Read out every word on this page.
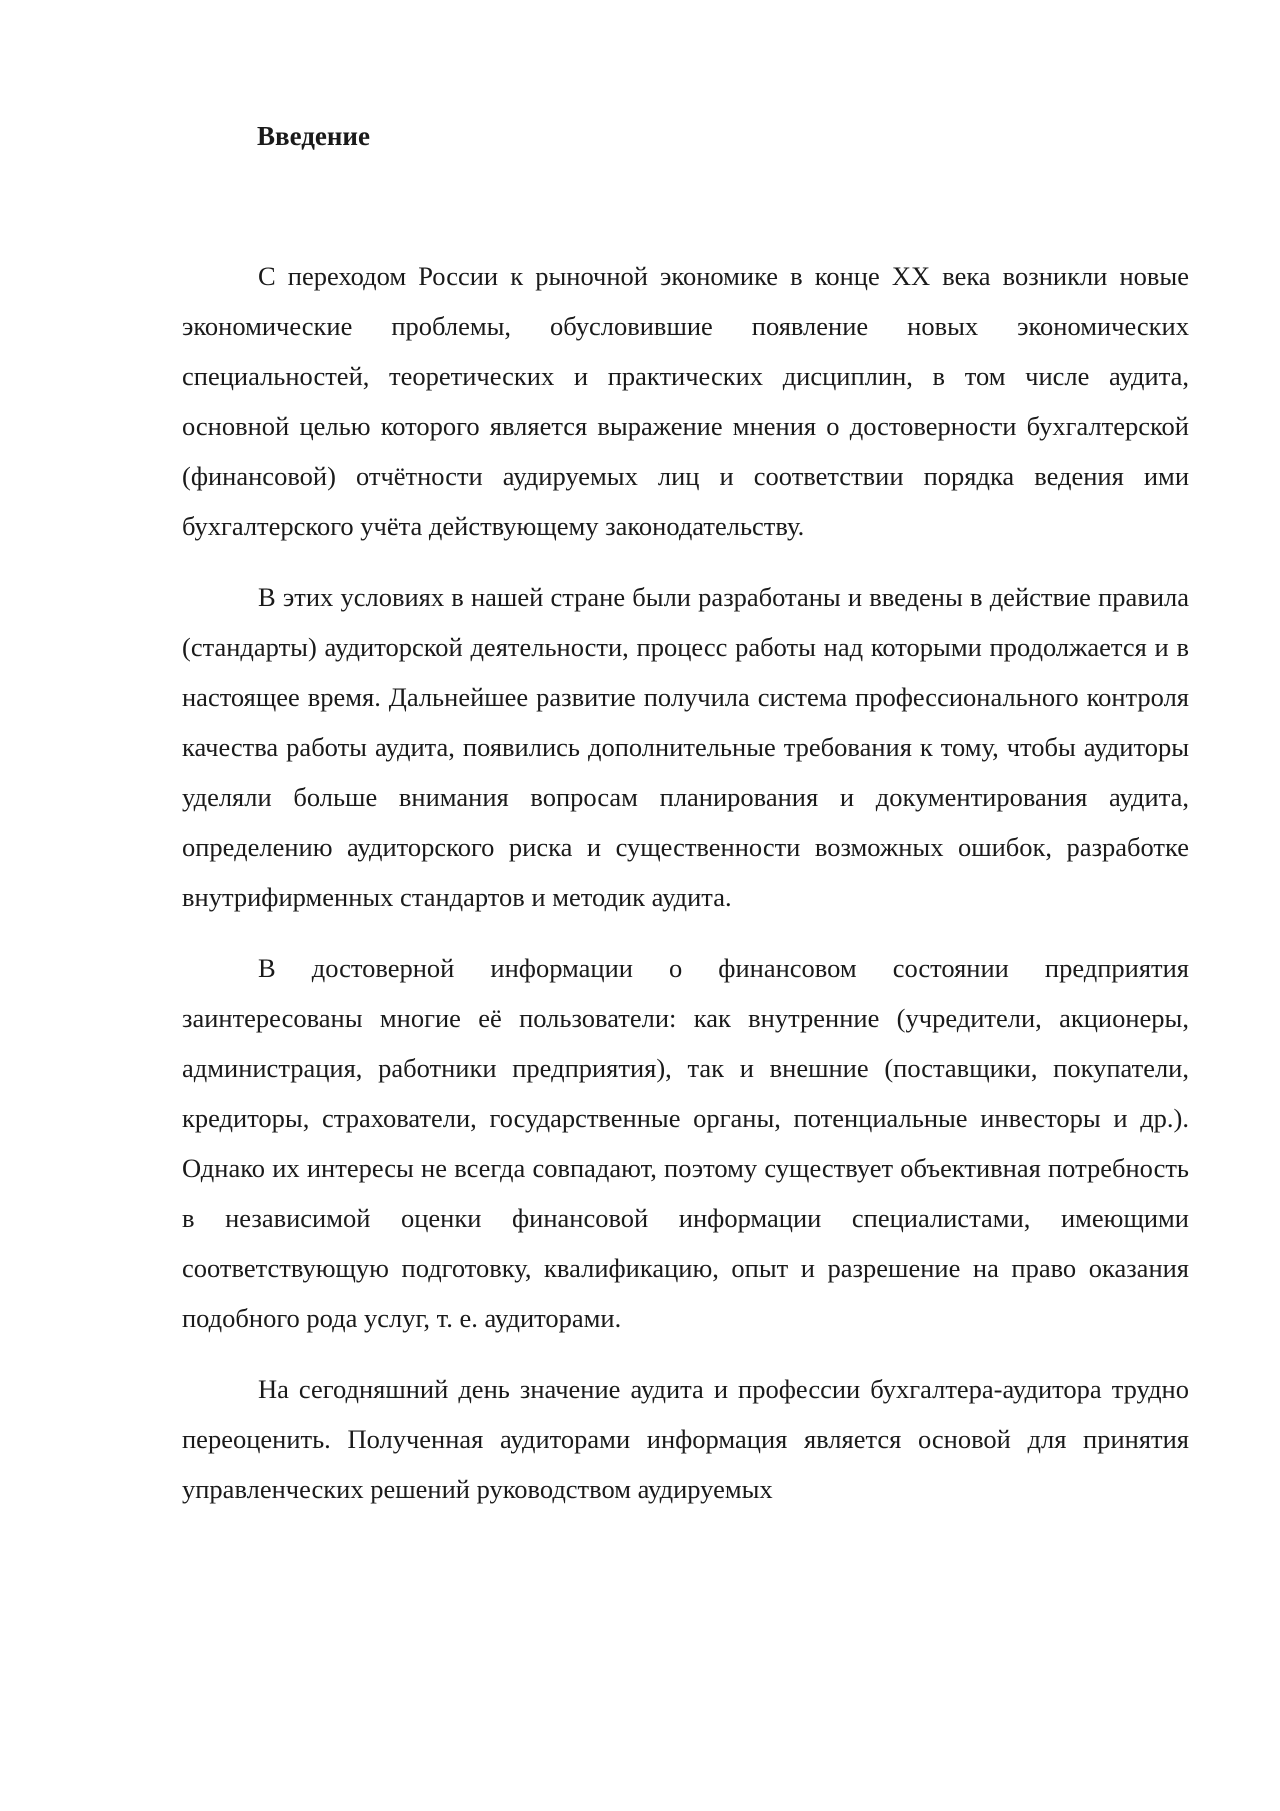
Введение

С переходом России к рыночной экономике в конце XX века возникли новые экономические проблемы, обусловившие появление новых экономических специальностей, теоретических и практических дисциплин, в том числе аудита, основной целью которого является выражение мнения о достоверности бухгалтерской (финансовой) отчётности аудируемых лиц и соответствии порядка ведения ими бухгалтерского учёта действующему законодательству.

В этих условиях в нашей стране были разработаны и введены в действие правила (стандарты) аудиторской деятельности, процесс работы над которыми продолжается и в настоящее время. Дальнейшее развитие получила система профессионального контроля качества работы аудита, появились дополнительные требования к тому, чтобы аудиторы уделяли больше внимания вопросам планирования и документирования аудита, определению аудиторского риска и существенности возможных ошибок, разработке внутрифирменных стандартов и методик аудита.

В достоверной информации о финансовом состоянии предприятия заинтересованы многие её пользователи: как внутренние (учредители, акционеры, администрация, работники предприятия), так и внешние (поставщики, покупатели, кредиторы, страхователи, государственные органы, потенциальные инвесторы и др.). Однако их интересы не всегда совпадают, поэтому существует объективная потребность в независимой оценки финансовой информации специалистами, имеющими соответствующую подготовку, квалификацию, опыт и разрешение на право оказания подобного рода услуг, т. е. аудиторами.

На сегодняшний день значение аудита и профессии бухгалтера-аудитора трудно переоценить. Полученная аудиторами информация является основой для принятия управленческих решений руководством аудируемых
